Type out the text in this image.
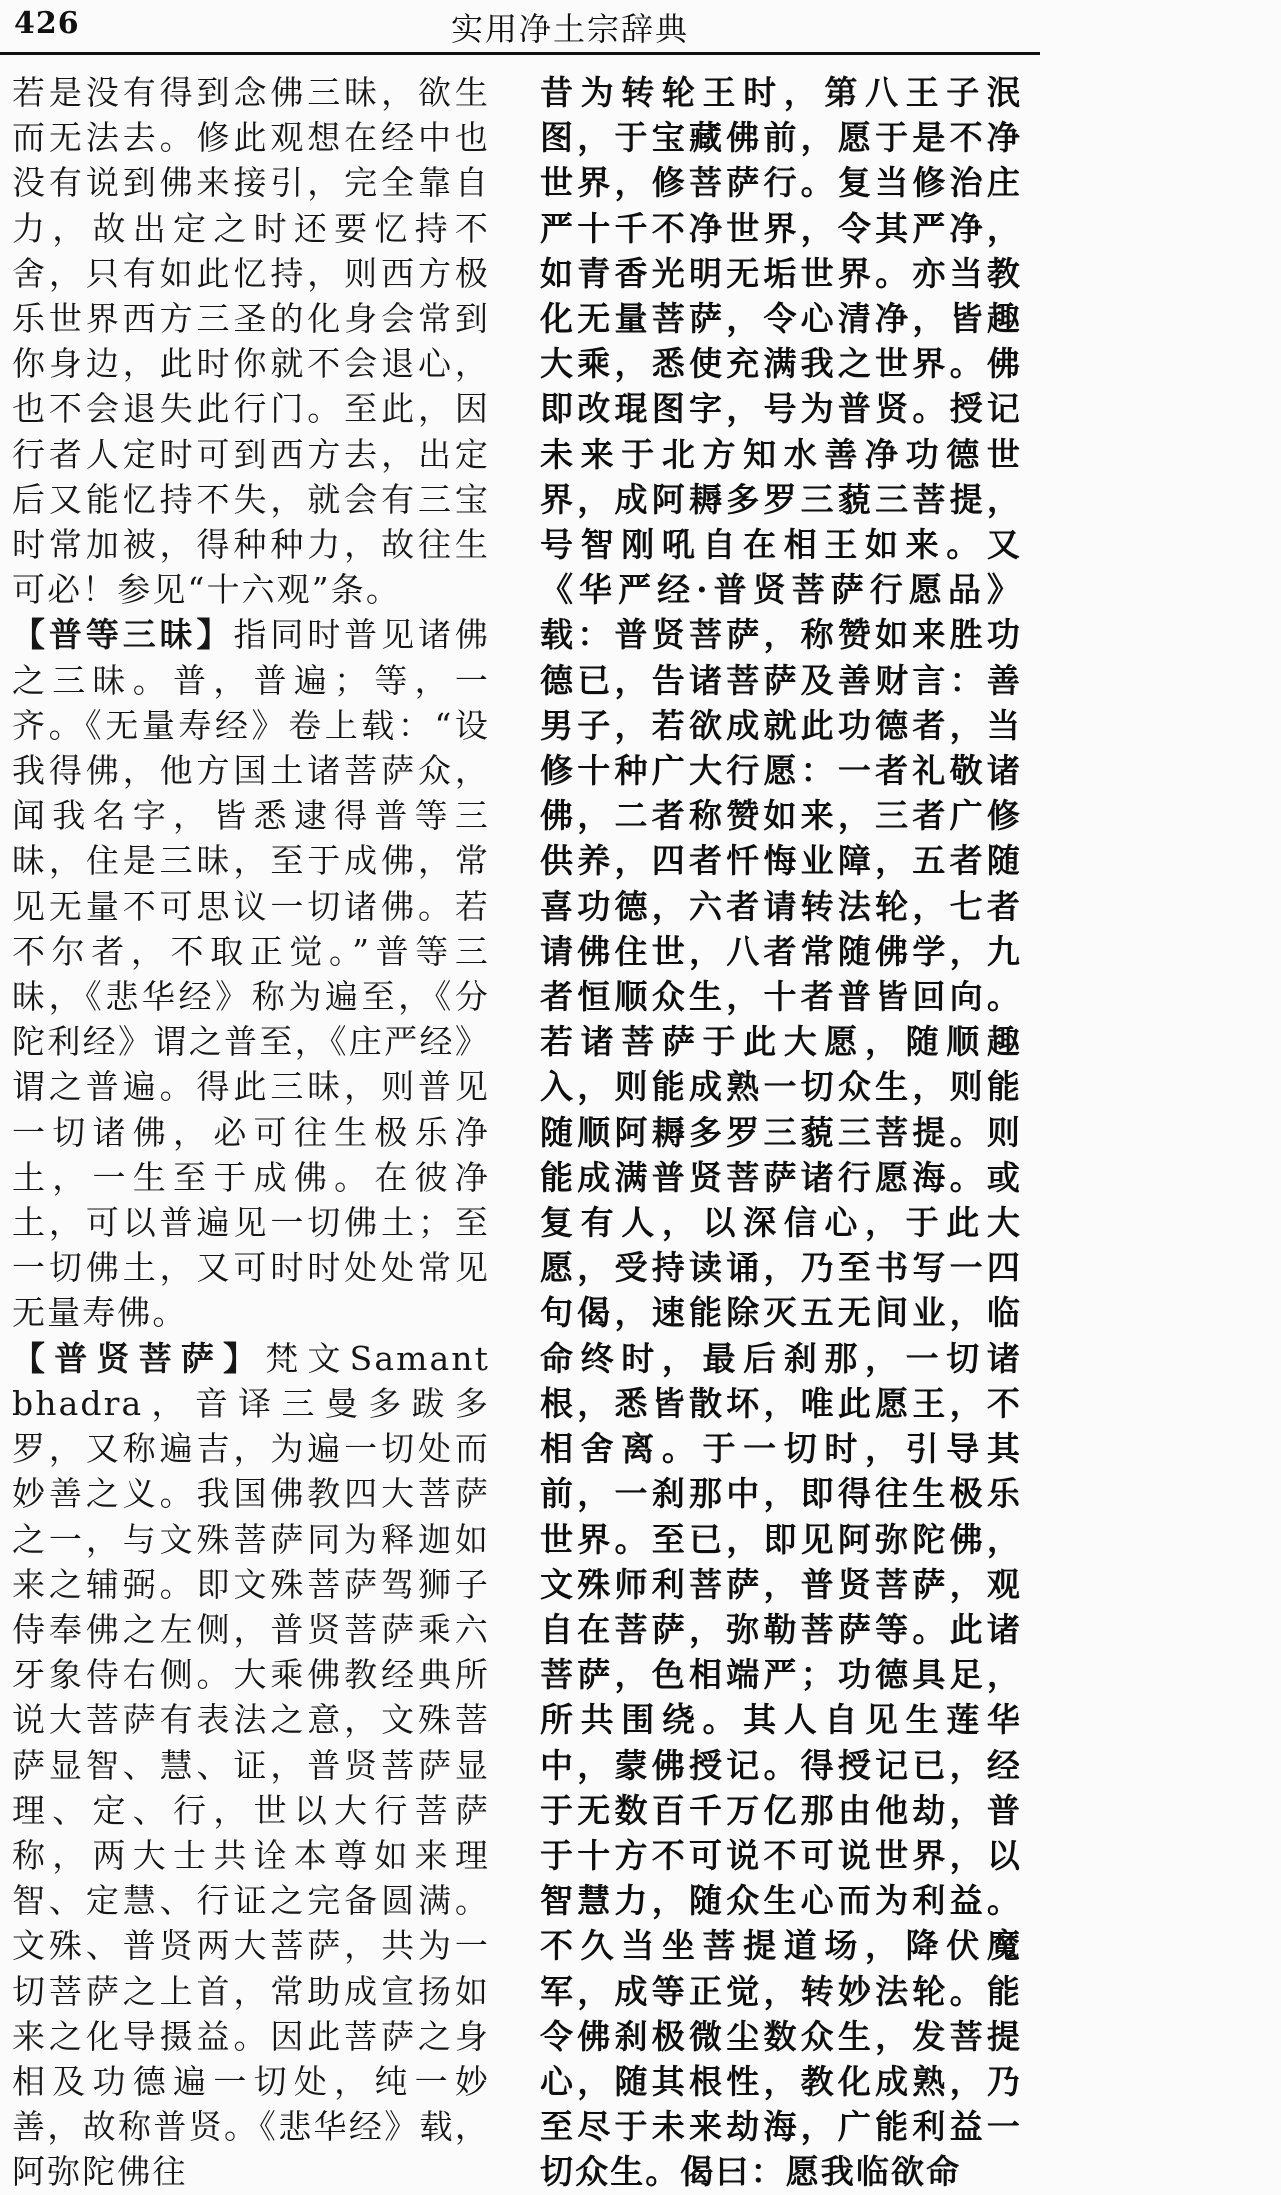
426	实用净土宗辞典

若是没有得到念佛三昧，欲生而无法去。修此观想在经中也没有说到佛来接引，完全靠自力，故出定之时还要忆持不舍，只有如此忆持，则西方极乐世界西方三圣的化身会常到你身边，此时你就不会退心，也不会退失此行门。至此，因行者人定时可到西方去，出定后又能忆持不失，就会有三宝时常加被，得种种力，故往生可必！参见“十六观”条。

【普等三昧】指同时普见诸佛之三昧。普，普遍；等，一齐。《无量寿经》卷上载：“设我得佛，他方国土诸菩萨众，闻我名字，皆悉逮得普等三昧，住是三昧，至于成佛，常见无量不可思议一切诸佛。若不尔者，不取正觉。”普等三昧，《悲华经》称为遍至，《分陀利经》谓之普至，《庄严经》谓之普遍。得此三昧，则普见一切诸佛，必可往生极乐净土，一生至于成佛。在彼净土，可以普遍见一切佛土；至一切佛土，又可时时处处常见无量寿佛。

【普贤菩萨】梵文Samant bhadra，音译三曼多跋多罗，又称遍吉，为遍一切处而妙善之义。我国佛教四大菩萨之一，与文殊菩萨同为释迦如来之辅弼。即文殊菩萨驾狮子侍奉佛之左侧，普贤菩萨乘六牙象侍右侧。大乘佛教经典所说大菩萨有表法之意，文殊菩萨显智、慧、证，普贤菩萨显理、定、行，世以大行菩萨称，两大士共诠本尊如来理智、定慧、行证之完备圆满。文殊、普贤两大菩萨，共为一切菩萨之上首，常助成宣扬如来之化导摄益。因此菩萨之身相及功德遍一切处，纯一妙善，故称普贤。《悲华经》载，阿弥陀佛往

昔为转轮王时，第八王子泯图，于宝藏佛前，愿于是不净世界，修菩萨行。复当修治庄严十千不净世界，令其严净，如青香光明无垢世界。亦当教化无量菩萨，令心清净，皆趣大乘，悉使充满我之世界。佛即改琨图字，号为普贤。授记未来于北方知水善净功德世界，成阿耨多罗三藐三菩提，号智刚吼自在相王如来。又《华严经·普贤菩萨行愿品》载：普贤菩萨，称赞如来胜功德已，告诸菩萨及善财言：善男子，若欲成就此功德者，当修十种广大行愿：一者礼敬诸佛，二者称赞如来，三者广修供养，四者忏悔业障，五者随喜功德，六者请转法轮，七者请佛住世，八者常随佛学，九者恒顺众生，十者普皆回向。若诸菩萨于此大愿，随顺趣入，则能成熟一切众生，则能随顺阿耨多罗三藐三菩提。则能成满普贤菩萨诸行愿海。或复有人，以深信心，于此大愿，受持读诵，乃至书写一四句偈，速能除灭五无间业，临命终时，最后刹那，一切诸根，悉皆散坏，唯此愿王，不相舍离。于一切时，引导其前，一刹那中，即得往生极乐世界。至已，即见阿弥陀佛，文殊师利菩萨，普贤菩萨，观自在菩萨，弥勒菩萨等。此诸菩萨，色相端严；功德具足，所共围绕。其人自见生莲华中，蒙佛授记。得授记已，经于无数百千万亿那由他劫，普于十方不可说不可说世界，以智慧力，随众生心而为利益。不久当坐菩提道场，降伏魔军，成等正觉，转妙法轮。能令佛刹极微尘数众生，发菩提心，随其根性，教化成熟，乃至尽于未来劫海，广能利益一切众生。偈曰：愿我临欲命
